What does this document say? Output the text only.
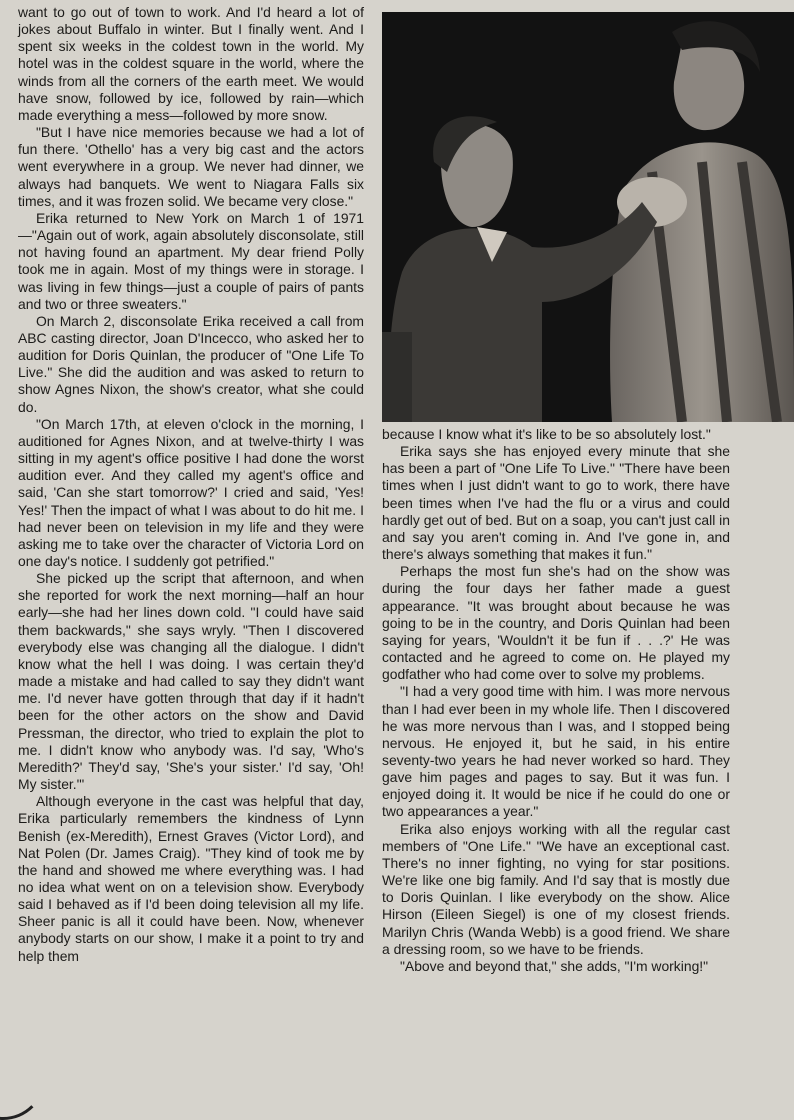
want to go out of town to work. And I'd heard a lot of jokes about Buffalo in winter. But I finally went. And I spent six weeks in the coldest town in the world. My hotel was in the coldest square in the world, where the winds from all the corners of the earth meet. We would have snow, followed by ice, followed by rain—which made everything a mess—followed by more snow.

"But I have nice memories because we had a lot of fun there. 'Othello' has a very big cast and the actors went everywhere in a group. We never had dinner, we always had banquets. We went to Niagara Falls six times, and it was frozen solid. We became very close."

Erika returned to New York on March 1 of 1971—"Again out of work, again absolutely disconsolate, still not having found an apartment. My dear friend Polly took me in again. Most of my things were in storage. I was living in few things—just a couple of pairs of pants and two or three sweaters."

On March 2, disconsolate Erika received a call from ABC casting director, Joan D'Incecco, who asked her to audition for Doris Quinlan, the producer of "One Life To Live." She did the audition and was asked to return to show Agnes Nixon, the show's creator, what she could do.

"On March 17th, at eleven o'clock in the morning, I auditioned for Agnes Nixon, and at twelve-thirty I was sitting in my agent's office positive I had done the worst audition ever. And they called my agent's office and said, 'Can she start tomorrow?' I cried and said, 'Yes! Yes!' Then the impact of what I was about to do hit me. I had never been on television in my life and they were asking me to take over the character of Victoria Lord on one day's notice. I suddenly got petrified."

She picked up the script that afternoon, and when she reported for work the next morning—half an hour early—she had her lines down cold. "I could have said them backwards," she says wryly. "Then I discovered everybody else was changing all the dialogue. I didn't know what the hell I was doing. I was certain they'd made a mistake and had called to say they didn't want me. I'd never have gotten through that day if it hadn't been for the other actors on the show and David Pressman, the director, who tried to explain the plot to me. I didn't know who anybody was. I'd say, 'Who's Meredith?' They'd say, 'She's your sister.' I'd say, 'Oh! My sister.'"

Although everyone in the cast was helpful that day, Erika particularly remembers the kindness of Lynn Benish (ex-Meredith), Ernest Graves (Victor Lord), and Nat Polen (Dr. James Craig). "They kind of took me by the hand and showed me where everything was. I had no idea what went on on a television show. Everybody said I behaved as if I'd been doing television all my life. Sheer panic is all it could have been. Now, whenever anybody starts on our show, I make it a point to try and help them

because I know what it's like to be so absolutely lost."

Erika says she has enjoyed every minute that she has been a part of "One Life To Live." "There have been times when I just didn't want to go to work, there have been times when I've had the flu or a virus and could hardly get out of bed. But on a soap, you can't just call in and say you aren't coming in. And I've gone in, and there's always something that makes it fun."

Perhaps the most fun she's had on the show was during the four days her father made a guest appearance. "It was brought about because he was going to be in the country, and Doris Quinlan had been saying for years, 'Wouldn't it be fun if . . .?' He was contacted and he agreed to come on. He played my godfather who had come over to solve my problems.

"I had a very good time with him. I was more nervous than I had ever been in my whole life. Then I discovered he was more nervous than I was, and I stopped being nervous. He enjoyed it, but he said, in his entire seventy-two years he had never worked so hard. They gave him pages and pages to say. But it was fun. I enjoyed doing it. It would be nice if he could do one or two appearances a year."

Erika also enjoys working with all the regular cast members of "One Life." "We have an exceptional cast. There's no inner fighting, no vying for star positions. We're like one big family. And I'd say that is mostly due to Doris Quinlan. I like everybody on the show. Alice Hirson (Eileen Siegel) is one of my closest friends. Marilyn Chris (Wanda Webb) is a good friend. We share a dressing room, so we have to be friends.

"Above and beyond that," she adds, "I'm working!"
